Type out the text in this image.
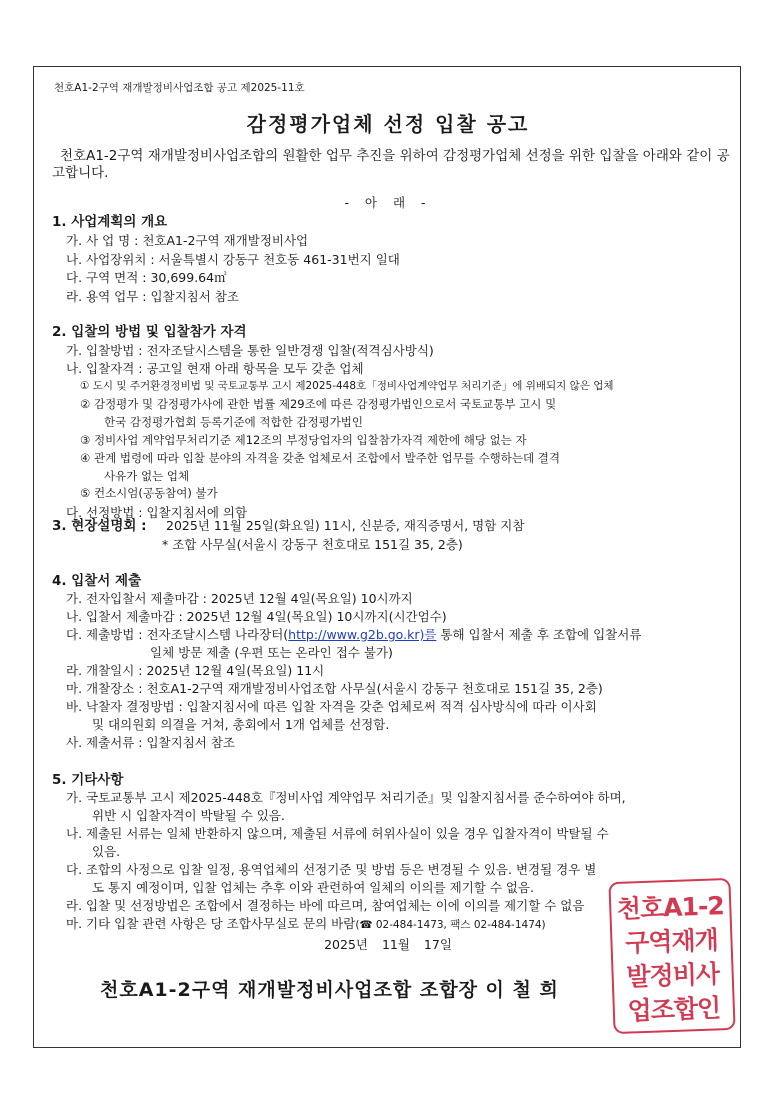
천호A1-2구역 재개발정비사업조합 공고 제2025-11호
감정평가업체 선정 입찰 공고
천호A1-2구역 재개발정비사업조합의 원활한 업무 추진을 위하여 감정평가업체 선정을 위한 입찰을 아래와 같이 공고합니다.
- 아 래 -
1. 사업계획의 개요
가. 사 업 명 : 천호A1-2구역 재개발정비사업
나. 사업장위치 : 서울특별시 강동구 천호동 461-31번지 일대
다. 구역 면적 : 30,699.64㎡
라. 용역 업무 : 입찰지침서 참조
2. 입찰의 방법 및 입찰참가 자격
가. 입찰방법 : 전자조달시스템을 통한 일반경쟁 입찰(적격심사방식)
나. 입찰자격 : 공고일 현재 아래 항목을 모두 갖춘 업체
① 도시 및 주거환경정비법 및 국토교통부 고시 제2025-448호「정비사업계약업무 처리기준」에 위배되지 않은 업체
② 감정평가 및 감정평가사에 관한 법률 제29조에 따른 감정평가법인으로서 국토교통부 고시 및
한국 감정평가협회 등록기준에 적합한 감정평가법인
③ 정비사업 계약업무처리기준 제12조의 부정당업자의 입찰참가자격 제한에 해당 없는 자
④ 관계 법령에 따라 입찰 분야의 자격을 갖춘 업체로서 조합에서 발주한 업무를 수행하는데 결격
사유가 없는 업체
⑤ 컨소시엄(공동참여) 불가
다. 선정방법 : 입찰지침서에 의함
3. 현장설명회 : 2025년 11월 25일(화요일) 11시, 신분증, 재직증명서, 명함 지참
* 조합 사무실(서울시 강동구 천호대로 151길 35, 2층)
4. 입찰서 제출
가. 전자입찰서 제출마감 : 2025년 12월 4일(목요일) 10시까지
나. 입찰서 제출마감 : 2025년 12월 4일(목요일) 10시까지(시간엄수)
다. 제출방법 : 전자조달시스템 나라장터(http://www.g2b.go.kr)를 통해 입찰서 제출 후 조합에 입찰서류
일체 방문 제출 (우편 또는 온라인 접수 불가)
라. 개찰일시 : 2025년 12월 4일(목요일) 11시
마. 개찰장소 : 천호A1-2구역 재개발정비사업조합 사무실(서울시 강동구 천호대로 151길 35, 2층)
바. 낙찰자 결정방법 : 입찰지침서에 따른 입찰 자격을 갖춘 업체로써 적격 심사방식에 따라 이사회
및 대의원회 의결을 거쳐, 총회에서 1개 업체를 선정함.
사. 제출서류 : 입찰지침서 참조
5. 기타사항
가. 국토교통부 고시 제2025-448호『정비사업 계약업무 처리기준』및 입찰지침서를 준수하여야 하며,
위반 시 입찰자격이 박탈될 수 있음.
나. 제출된 서류는 일체 반환하지 않으며, 제출된 서류에 허위사실이 있을 경우 입찰자격이 박탈될 수
있음.
다. 조합의 사정으로 입찰 일정, 용역업체의 선정기준 및 방법 등은 변경될 수 있음. 변경될 경우 별
도 통지 예정이며, 입찰 업체는 추후 이와 관련하여 일체의 이의를 제기할 수 없음.
라. 입찰 및 선정방법은 조합에서 결정하는 바에 따르며, 참여업체는 이에 이의를 제기할 수 없음
마. 기타 입찰 관련 사항은 당 조합사무실로 문의 바람(☎ 02-484-1473, 팩스 02-484-1474)
2025년 11월 17일
천호A1-2
구역재개
발정비사
업조합인
천호A1-2구역 재개발정비사업조합 조합장 이 철 희
